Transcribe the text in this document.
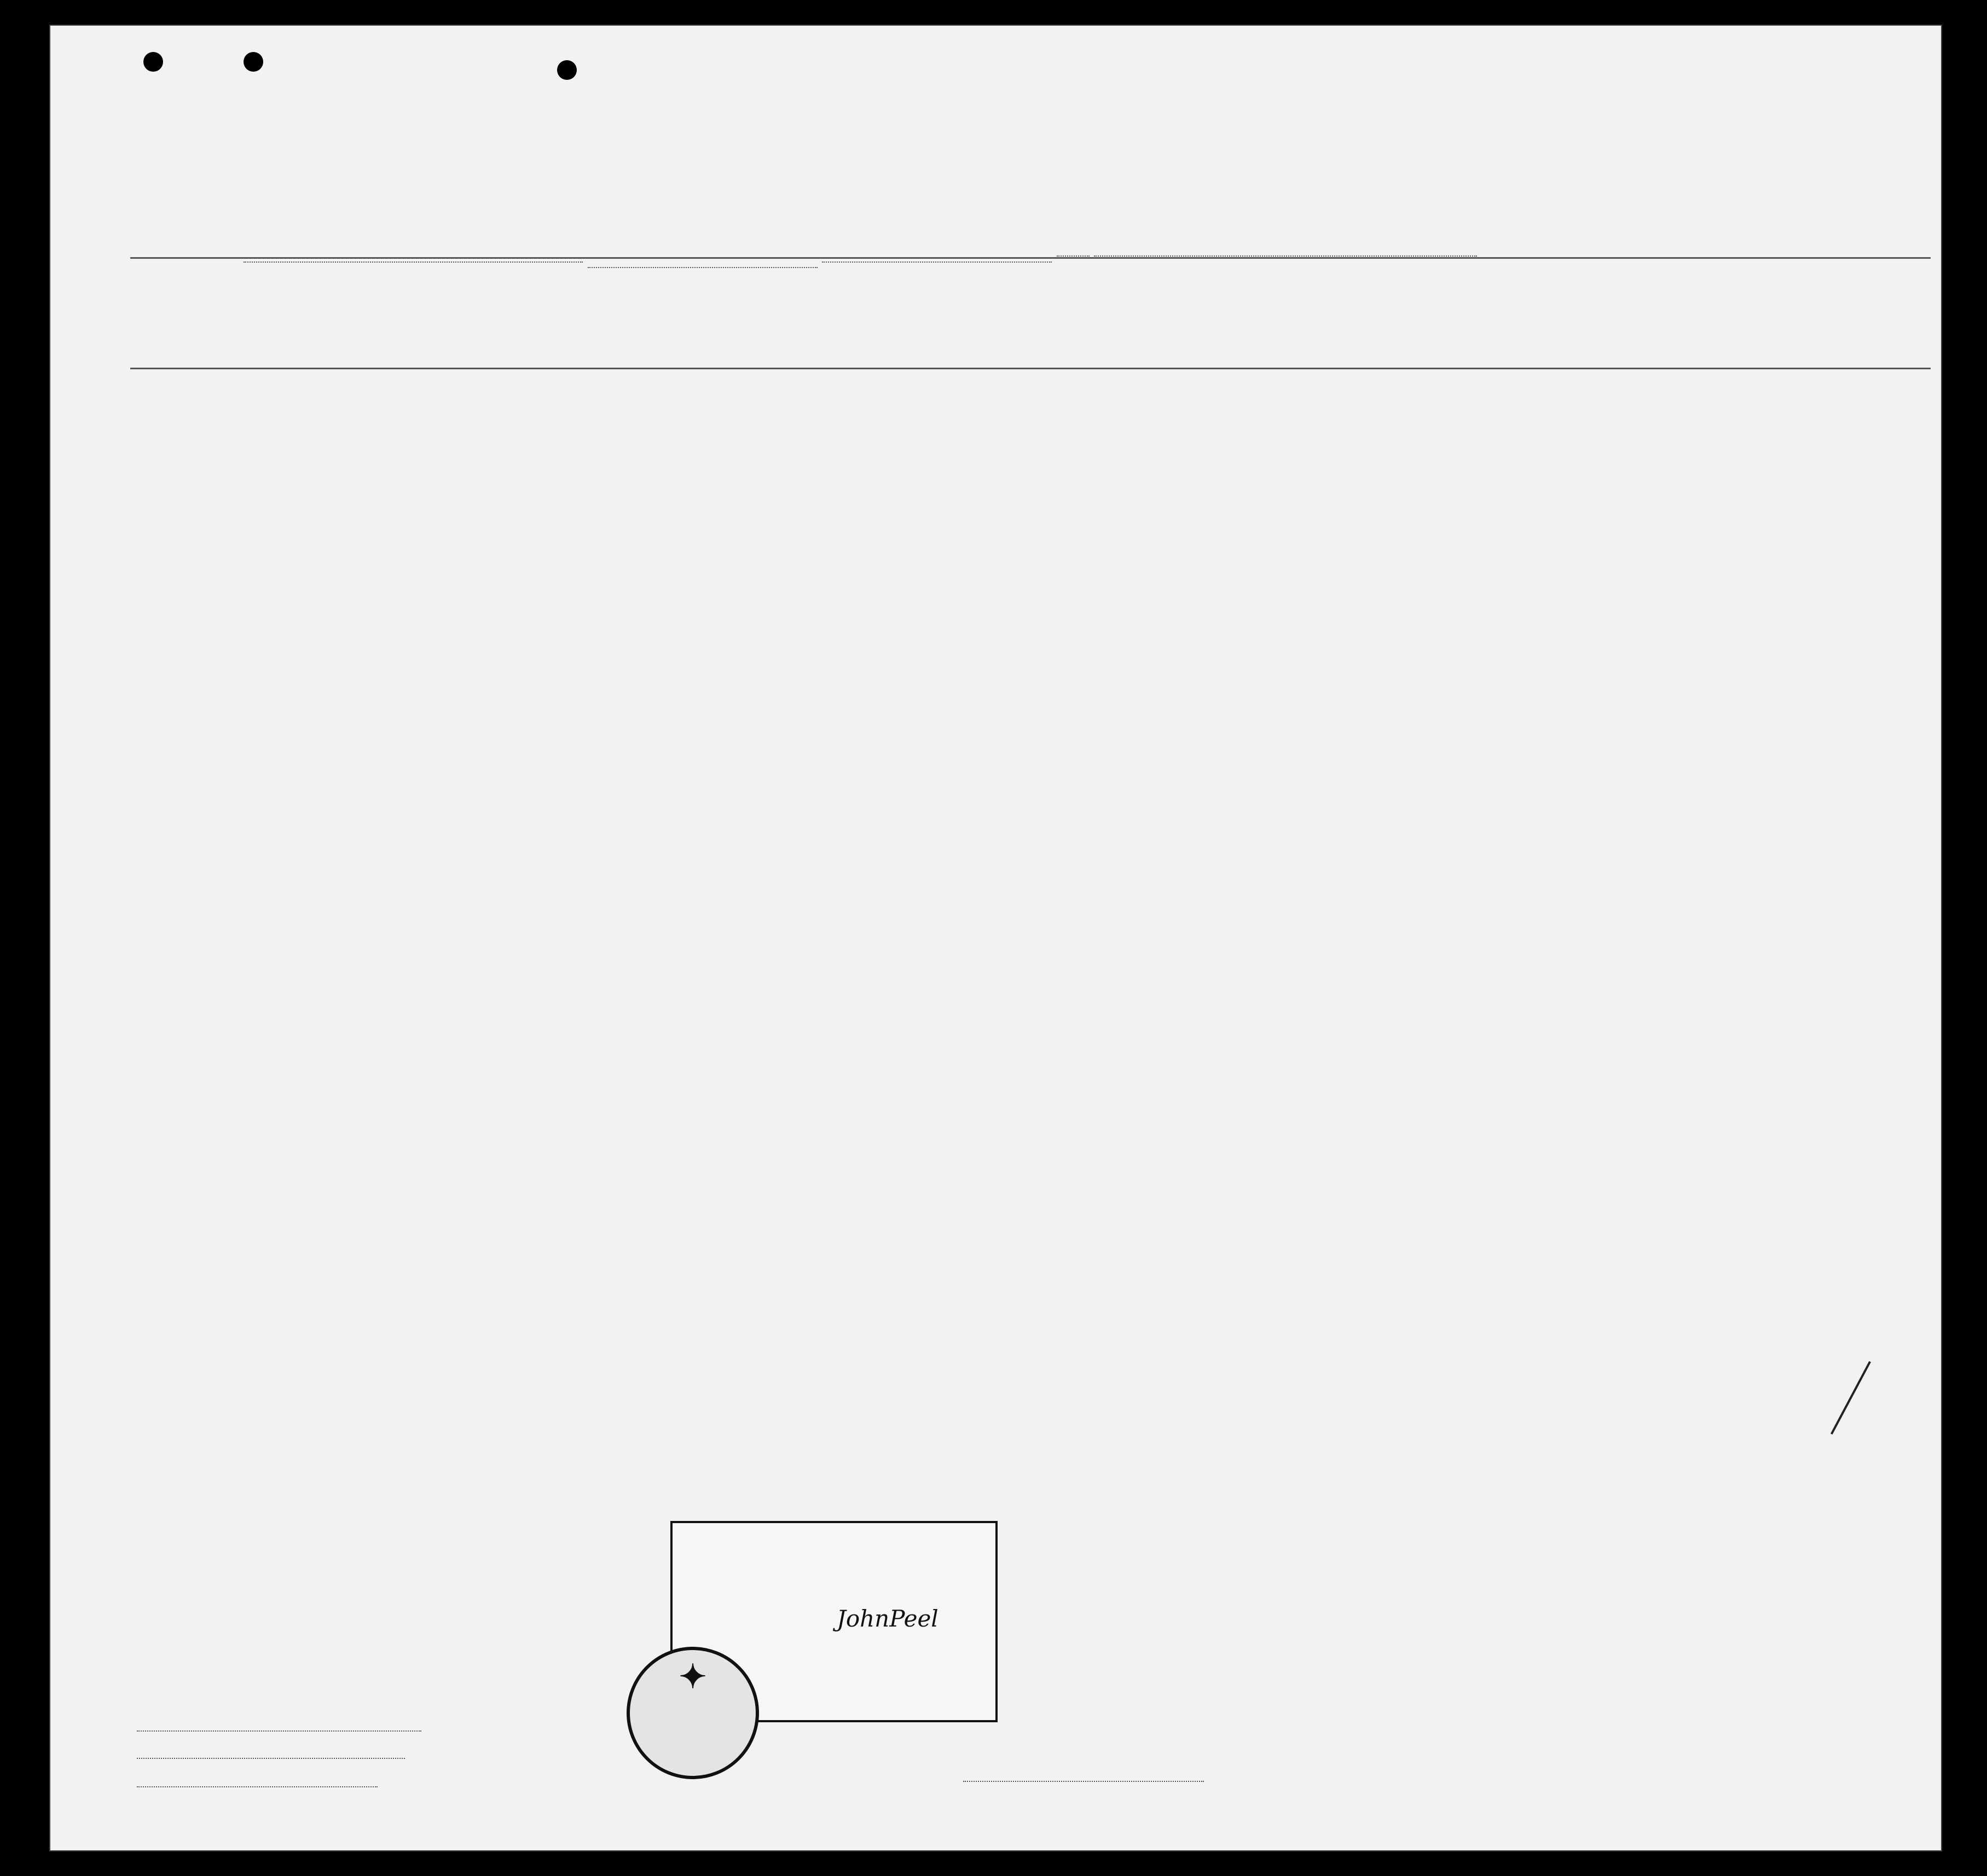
JohnPeel
✦
